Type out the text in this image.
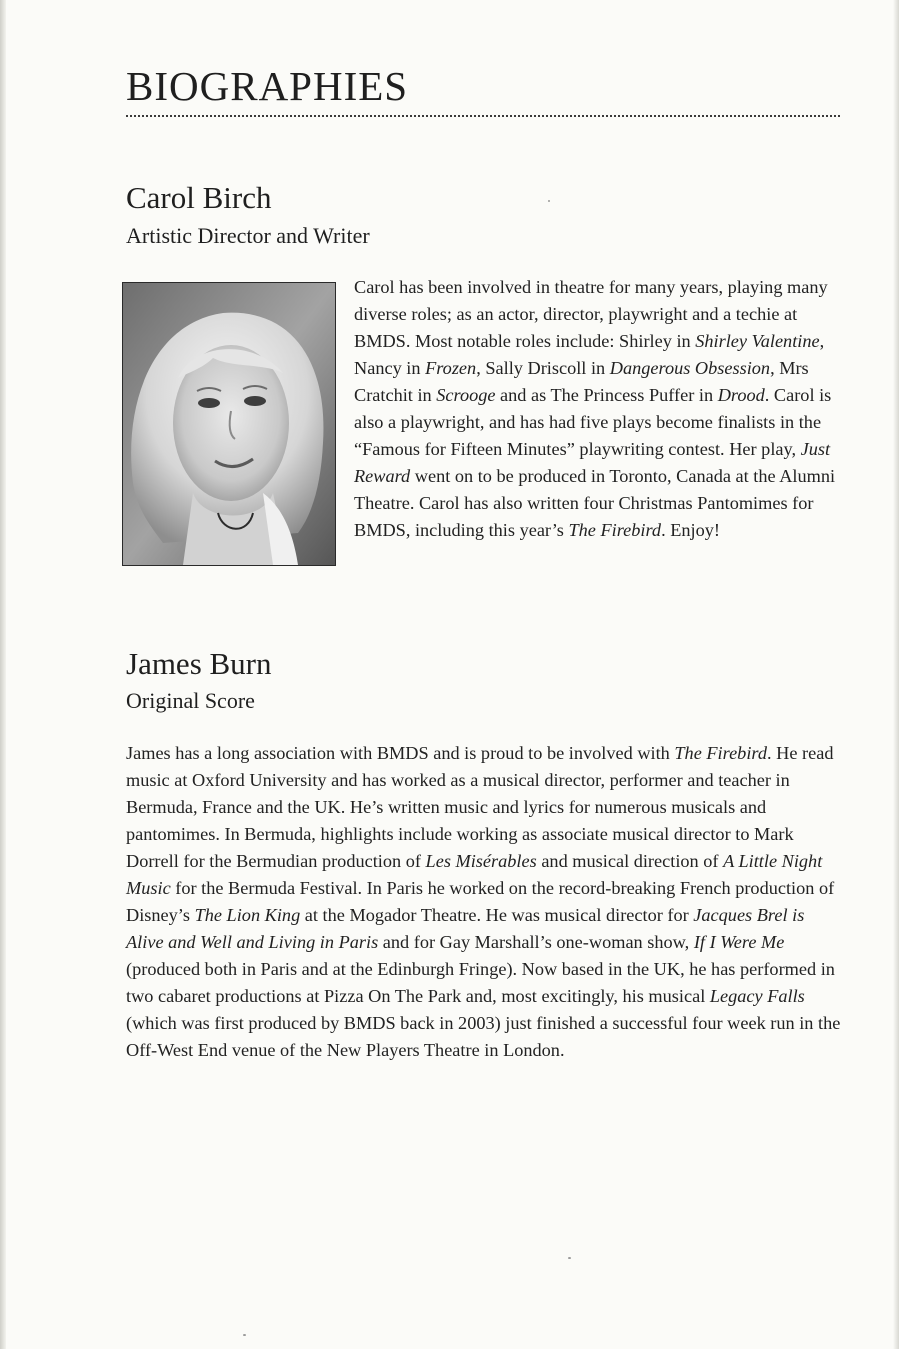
BIOGRAPHIES
Carol Birch
Artistic Director and Writer

Carol has been involved in theatre for many years, playing many diverse roles; as an actor, director, playwright and a techie at BMDS. Most notable roles include: Shirley in Shirley Valentine, Nancy in Frozen, Sally Driscoll in Dangerous Obsession, Mrs Cratchit in Scrooge and as The Princess Puffer in Drood. Carol is also a playwright, and has had five plays become finalists in the “Famous for Fifteen Minutes” playwriting contest. Her play, Just Reward went on to be produced in Toronto, Canada at the Alumni Theatre. Carol has also written four Christmas Pantomimes for BMDS, including this year’s The Firebird. Enjoy!

James Burn
Original Score

James has a long association with BMDS and is proud to be involved with The Firebird. He read music at Oxford University and has worked as a musical director, performer and teacher in Bermuda, France and the UK. He’s written music and lyrics for numerous musicals and pantomimes. In Bermuda, highlights include working as associate musical director to Mark Dorrell for the Bermudian production of Les Misérables and musical direction of A Little Night Music for the Bermuda Festival. In Paris he worked on the record-breaking French production of Disney’s The Lion King at the Mogador Theatre. He was musical director for Jacques Brel is Alive and Well and Living in Paris and for Gay Marshall’s one-woman show, If I Were Me (produced both in Paris and at the Edinburgh Fringe). Now based in the UK, he has performed in two cabaret productions at Pizza On The Park and, most excitingly, his musical Legacy Falls (which was first produced by BMDS back in 2003) just finished a successful four week run in the Off-West End venue of the New Players Theatre in London.
